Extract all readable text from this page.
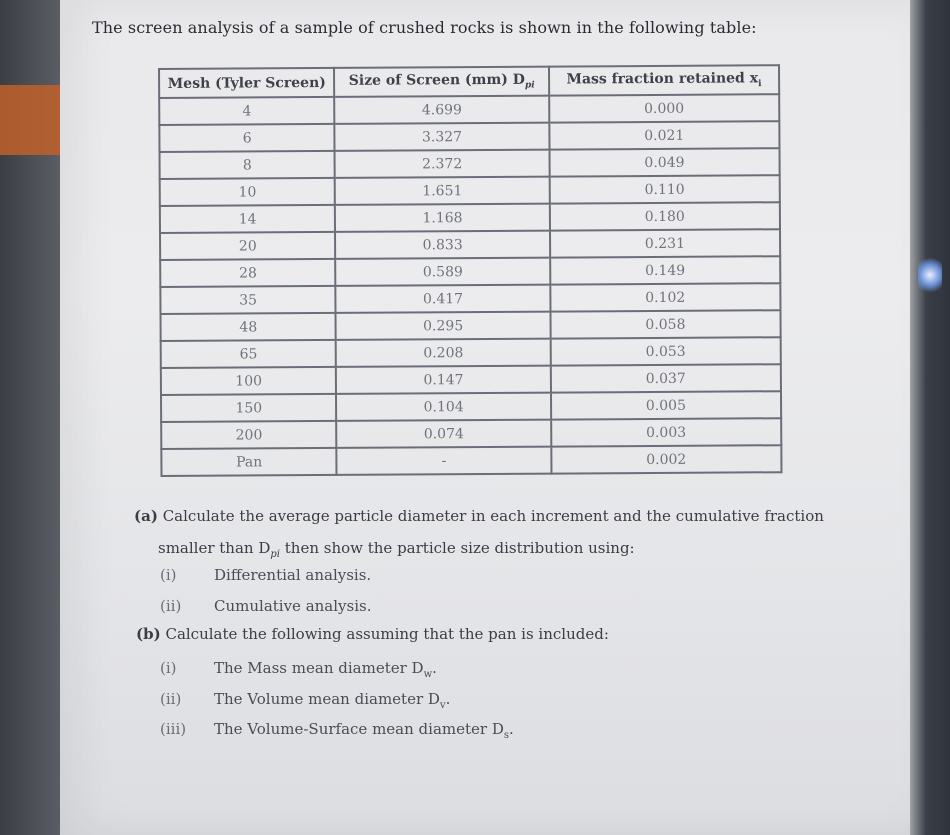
The screen analysis of a sample of crushed rocks is shown in the following table:
Mesh (Tyler Screen)	Size of Screen (mm) $D_{pi}$	Mass fraction retained $x_i$
4	4.699	0.000
6	3.327	0.021
8	2.372	0.049
10	1.651	0.110
14	1.168	0.180
20	0.833	0.231
28	0.589	0.149
35	0.417	0.102
48	0.295	0.058
65	0.208	0.053
100	0.147	0.037
150	0.104	0.005
200	0.074	0.003
Pan	-	0.002
(a) Calculate the average particle diameter in each increment and the cumulative fraction
smaller than $D_{pi}$ then show the particle size distribution using:
(i) Differential analysis.
(ii) Cumulative analysis.
(b) Calculate the following assuming that the pan is included:
(i) The Mass mean diameter $D_w$.
(ii) The Volume mean diameter $D_v$.
(iii) The Volume-Surface mean diameter $D_s$.
